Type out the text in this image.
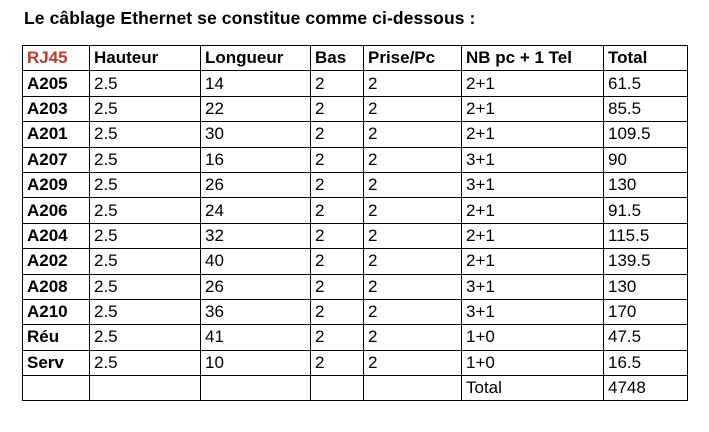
Le câblage Ethernet se constitue comme ci-dessous :
RJ45	Hauteur	Longueur	Bas	Prise/Pc	NB pc + 1 Tel	Total
A205	2.5	14	2	2	2+1	61.5
A203	2.5	22	2	2	2+1	85.5
A201	2.5	30	2	2	2+1	109.5
A207	2.5	16	2	2	3+1	90
A209	2.5	26	2	2	3+1	130
A206	2.5	24	2	2	2+1	91.5
A204	2.5	32	2	2	2+1	115.5
A202	2.5	40	2	2	2+1	139.5
A208	2.5	26	2	2	3+1	130
A210	2.5	36	2	2	3+1	170
Réu	2.5	41	2	2	1+0	47.5
Serv	2.5	10	2	2	1+0	16.5
					Total	4748
